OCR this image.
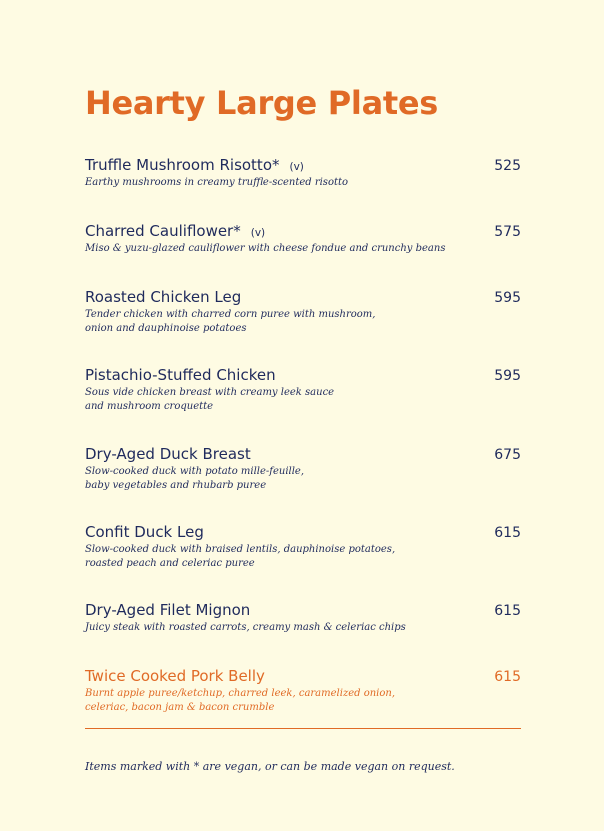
Hearty Large Plates
Truffle Mushroom Risotto* (v)	525
Earthy mushrooms in creamy truffle-scented risotto
Charred Cauliflower* (v)	575
Miso & yuzu-glazed cauliflower with cheese fondue and crunchy beans
Roasted Chicken Leg	595
Tender chicken with charred corn puree with mushroom,
onion and dauphinoise potatoes
Pistachio-Stuffed Chicken	595
Sous vide chicken breast with creamy leek sauce
and mushroom croquette
Dry-Aged Duck Breast	675
Slow-cooked duck with potato mille-feuille,
baby vegetables and rhubarb puree
Confit Duck Leg	615
Slow-cooked duck with braised lentils, dauphinoise potatoes,
roasted peach and celeriac puree
Dry-Aged Filet Mignon	615
Juicy steak with roasted carrots, creamy mash & celeriac chips
Twice Cooked Pork Belly	615
Burnt apple puree/ketchup, charred leek, caramelized onion,
celeriac, bacon jam & bacon crumble
Items marked with * are vegan, or can be made vegan on request.
